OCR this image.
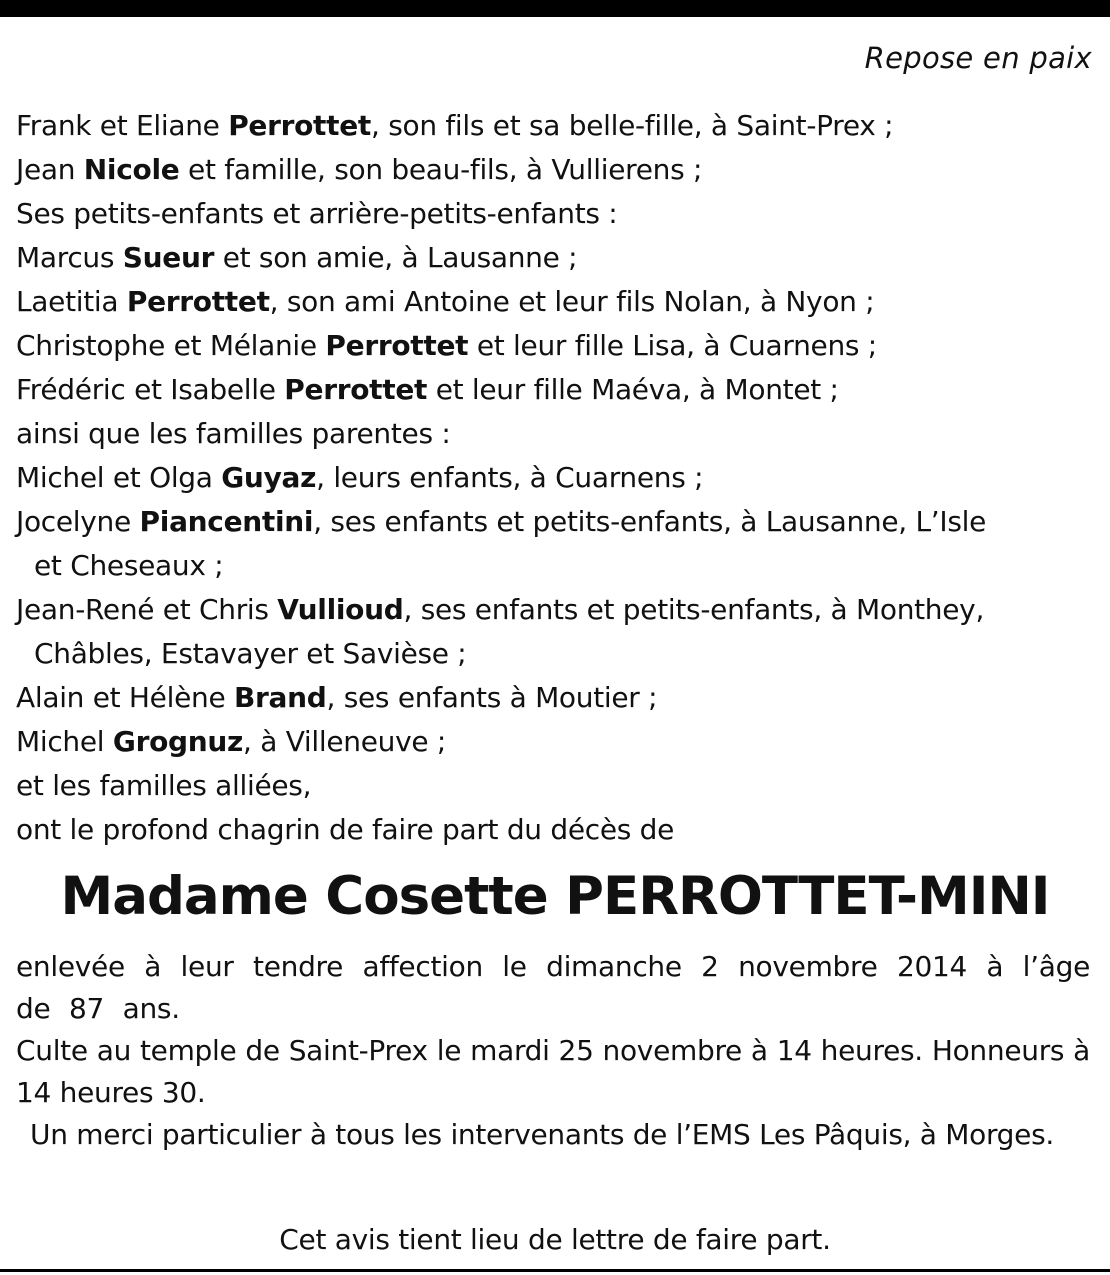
Repose en paix
Frank et Eliane Perrottet, son fils et sa belle-fille, à Saint-Prex ;
Jean Nicole et famille, son beau-fils, à Vullierens ;
Ses petits-enfants et arrière-petits-enfants :
Marcus Sueur et son amie, à Lausanne ;
Laetitia Perrottet, son ami Antoine et leur fils Nolan, à Nyon ;
Christophe et Mélanie Perrottet et leur fille Lisa, à Cuarnens ;
Frédéric et Isabelle Perrottet et leur fille Maéva, à Montet ;
ainsi que les familles parentes :
Michel et Olga Guyaz, leurs enfants, à Cuarnens ;
Jocelyne Piancentini, ses enfants et petits-enfants, à Lausanne, L’Isle
et Cheseaux ;
Jean-René et Chris Vullioud, ses enfants et petits-enfants, à Monthey,
Châbles, Estavayer et Savièse ;
Alain et Hélène Brand, ses enfants à Moutier ;
Michel Grognuz, à Villeneuve ;
et les familles alliées,
ont le profond chagrin de faire part du décès de
Madame Cosette PERROTTET-MINI
enlevée à leur tendre affection le dimanche 2 novembre 2014 à l’âge de 87 ans.
Culte au temple de Saint-Prex le mardi 25 novembre à 14 heures. Honneurs à 14 heures 30.
Un merci particulier à tous les intervenants de l’EMS Les Pâquis, à Morges.
Cet avis tient lieu de lettre de faire part.
